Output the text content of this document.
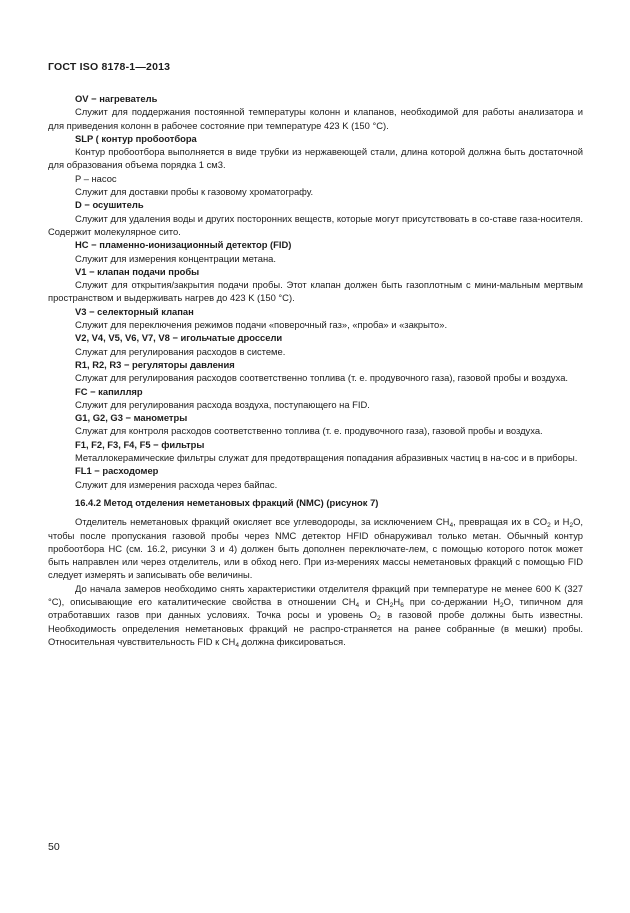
ГОСТ ISO 8178-1—2013

OV − нагреватель

Служит для поддержания постоянной температуры колонн и клапанов, необходимой для работы анализатора и для приведения колонн в рабочее состояние при температуре 423 K (150 °C).

SLP ( контур пробоотбора

Контур пробоотбора выполняется в виде трубки из нержавеющей стали, длина которой должна быть достаточной для образования объема порядка 1 см3.

P – насос

Служит для доставки пробы к газовому хроматографу.

D − осушитель

Служит для удаления воды и других посторонних веществ, которые могут присутствовать в со-ставе газа-носителя. Содержит молекулярное сито.

HC − пламенно-ионизационный детектор (FID)

Служит для измерения концентрации метана.

V1 − клапан подачи пробы

Служит для открытия/закрытия подачи пробы. Этот клапан должен быть газоплотным с мини-мальным мертвым пространством и выдерживать нагрев до 423 K (150 °C).

V3 − селекторный клапан

Служит для переключения режимов подачи «поверочный газ», «проба» и «закрыто».

V2, V4, V5, V6, V7, V8 − игольчатые дроссели

Служат для регулирования расходов в системе.

R1, R2, R3 − регуляторы давления

Служат для регулирования расходов соответственно топлива (т. е. продувочного газа), газовой пробы и воздуха.

FC − капилляр

Служит для регулирования расхода воздуха, поступающего на FID.

G1, G2, G3 − манометры

Служат для контроля расходов соответственно топлива (т. е. продувочного газа), газовой пробы и воздуха.

F1, F2, F3, F4, F5 − фильтры

Металлокерамические фильтры служат для предотвращения попадания абразивных частиц в на-сос и в приборы.

FL1 − расходомер

Служит для измерения расхода через байпас.

16.4.2 Метод отделения неметановых фракций (NMC) (рисунок 7)

Отделитель неметановых фракций окисляет все углеводороды, за исключением $CH_4$, превращая их в $CO_2$ и $H_2O$, чтобы после пропускания газовой пробы через NMC детектор HFID обнаруживал только метан. Обычный контур пробоотбора HC (см. 16.2, рисунки 3 и 4) должен быть дополнен переключате-лем, с помощью которого поток может быть направлен или через отделитель, или в обход него. При из-мерениях массы неметановых фракций с помощью FID следует измерять и записывать обе величины.

До начала замеров необходимо снять характеристики отделителя фракций при температуре не менее 600 K (327 °C), описывающие его каталитические свойства в отношении $CH_4$ и $CH_2H_6$ при со-держании $H_2O$, типичном для отработавших газов при данных условиях. Точка росы и уровень $O_2$ в газовой пробе должны быть известны. Необходимость определения неметановых фракций не распро-страняется на ранее собранные (в мешки) пробы. Относительная чувствительность FID к $CH_4$ должна фиксироваться.

50
